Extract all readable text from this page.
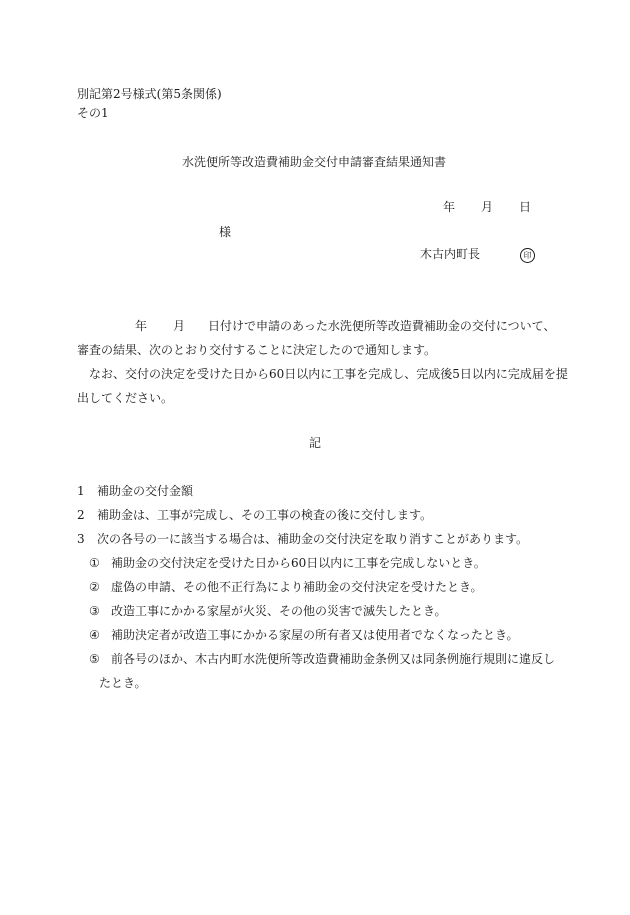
別記第2号様式(第5条関係)
その1
水洗便所等改造費補助金交付申請審査結果通知書
年 月 日
様
木古内町長	印
年 月 日付けで申請のあった水洗便所等改造費補助金の交付について、
審査の結果、次のとおり交付することに決定したので通知します。
なお、交付の決定を受けた日から60日以内に工事を完成し、完成後5日以内に完成届を提
出してください。
記
1 補助金の交付金額
2 補助金は、工事が完成し、その工事の検査の後に交付します。
3 次の各号の一に該当する場合は、補助金の交付決定を取り消すことがあります。
① 補助金の交付決定を受けた日から60日以内に工事を完成しないとき。
② 虚偽の申請、その他不正行為により補助金の交付決定を受けたとき。
③ 改造工事にかかる家屋が火災、その他の災害で滅失したとき。
④ 補助決定者が改造工事にかかる家屋の所有者又は使用者でなくなったとき。
⑤ 前各号のほか、木古内町水洗便所等改造費補助金条例又は同条例施行規則に違反し
たとき。
